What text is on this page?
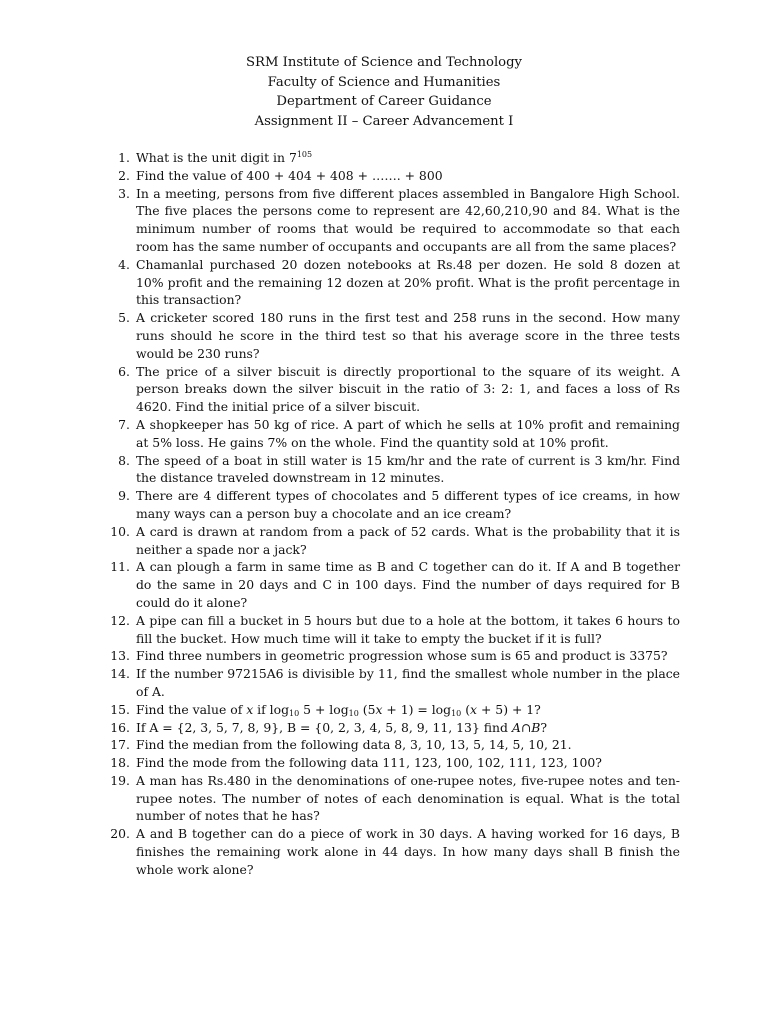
SRM Institute of Science and Technology
Faculty of Science and Humanities
Department of Career Guidance
Assignment II – Career Advancement I
1. What is the unit digit in $7^{105}$
2. Find the value of 400 + 404 + 408 + ……. + 800
3. In a meeting, persons from five different places assembled in Bangalore High School. The five places the persons come to represent are 42,60,210,90 and 84. What is the minimum number of rooms that would be required to accommodate so that each room has the same number of occupants and occupants are all from the same places?
4. Chamanlal purchased 20 dozen notebooks at Rs.48 per dozen. He sold 8 dozen at 10% profit and the remaining 12 dozen at 20% profit. What is the profit percentage in this transaction?
5. A cricketer scored 180 runs in the first test and 258 runs in the second. How many runs should he score in the third test so that his average score in the three tests would be 230 runs?
6. The price of a silver biscuit is directly proportional to the square of its weight. A person breaks down the silver biscuit in the ratio of 3: 2: 1, and faces a loss of Rs 4620. Find the initial price of a silver biscuit.
7. A shopkeeper has 50 kg of rice. A part of which he sells at 10% profit and remaining at 5% loss. He gains 7% on the whole. Find the quantity sold at 10% profit.
8. The speed of a boat in still water is 15 km/hr and the rate of current is 3 km/hr. Find the distance traveled downstream in 12 minutes.
9. There are 4 different types of chocolates and 5 different types of ice creams, in how many ways can a person buy a chocolate and an ice cream?
10. A card is drawn at random from a pack of 52 cards. What is the probability that it is neither a spade nor a jack?
11. A can plough a farm in same time as B and C together can do it. If A and B together do the same in 20 days and C in 100 days. Find the number of days required for B could do it alone?
12. A pipe can fill a bucket in 5 hours but due to a hole at the bottom, it takes 6 hours to fill the bucket. How much time will it take to empty the bucket if it is full?
13. Find three numbers in geometric progression whose sum is 65 and product is 3375?
14. If the number 97215A6 is divisible by 11, find the smallest whole number in the place of A.
15. Find the value of x if $\log_{10} 5 + \log_{10} (5x + 1) = \log_{10} (x + 5) + 1$?
16. If A = {2, 3, 5, 7, 8, 9}, B = {0, 2, 3, 4, 5, 8, 9, 11, 13} find A∩B?
17. Find the median from the following data 8, 3, 10, 13, 5, 14, 5, 10, 21.
18. Find the mode from the following data 111, 123, 100, 102, 111, 123, 100?
19. A man has Rs.480 in the denominations of one-rupee notes, five-rupee notes and ten-rupee notes. The number of notes of each denomination is equal. What is the total number of notes that he has?
20. A and B together can do a piece of work in 30 days. A having worked for 16 days, B finishes the remaining work alone in 44 days. In how many days shall B finish the whole work alone?
